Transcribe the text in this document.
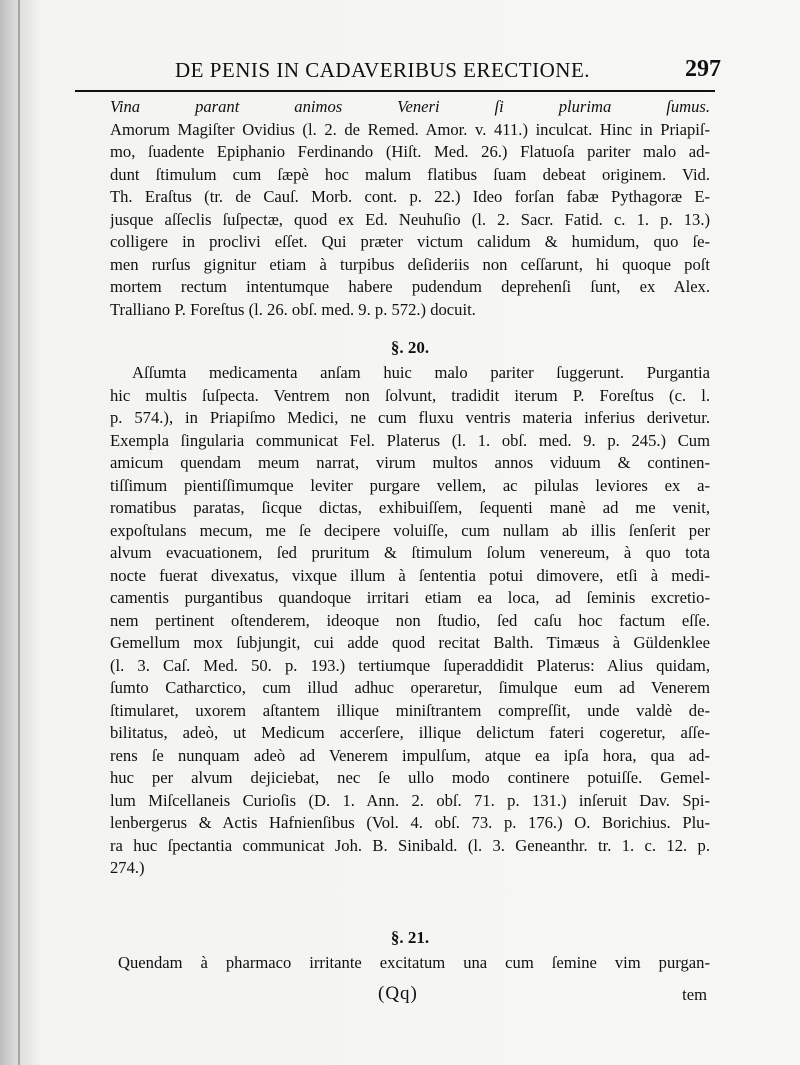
DE PENIS IN CADAVERIBUS ERECTIONE.	297
Vina parant animos Veneri ſi plurima ſumus.
Amorum Magiſter Ovidius (l. 2. de Remed. Amor. v. 411.) inculcat. Hinc in Priapiſ-
mo, ſuadente Epiphanio Ferdinando (Hiſt. Med. 26.) Flatuoſa pariter malo ad-
dunt ſtimulum cum ſæpè hoc malum flatibus ſuam debeat originem. Vid.
Th. Eraſtus (tr. de Cauſ. Morb. cont. p. 22.) Ideo forſan fabæ Pythagoræ E-
jusque aſſeclis ſuſpectæ, quod ex Ed. Neuhuſio (l. 2. Sacr. Fatid. c. 1. p. 13.)
colligere in proclivi eſſet. Qui præter victum calidum & humidum, quo ſe-
men rurſus gignitur etiam à turpibus deſideriis non ceſſarunt, hi quoque poſt
mortem rectum intentumque habere pudendum deprehenſi ſunt, ex Alex.
Tralliano P. Foreſtus (l. 26. obſ. med. 9. p. 572.) docuit.
§. 20.
Aſſumta medicamenta anſam huic malo pariter ſuggerunt. Purgantia
hic multis ſuſpecta. Ventrem non ſolvunt, tradidit iterum P. Foreſtus (c. l.
p. 574.), in Priapiſmo Medici, ne cum fluxu ventris materia inferius derivetur.
Exempla ſingularia communicat Fel. Platerus (l. 1. obſ. med. 9. p. 245.) Cum
amicum quendam meum narrat, virum multos annos viduum & continen-
tiſſimum pientiſſimumque leviter purgare vellem, ac pilulas leviores ex a-
romatibus paratas, ſicque dictas, exhibuiſſem, ſequenti manè ad me venit,
expoſtulans mecum, me ſe decipere voluiſſe, cum nullam ab illis ſenſerit per
alvum evacuationem, ſed pruritum & ſtimulum ſolum venereum, à quo tota
nocte fuerat divexatus, vixque illum à ſententia potui dimovere, etſi à medi-
camentis purgantibus quandoque irritari etiam ea loca, ad ſeminis excretio-
nem pertinent oſtenderem, ideoque non ſtudio, ſed caſu hoc factum eſſe.
Gemellum mox ſubjungit, cui adde quod recitat Balth. Timæus à Güldenklee
(l. 3. Caſ. Med. 50. p. 193.) tertiumque ſuperaddidit Platerus: Alius quidam,
ſumto Catharctico, cum illud adhuc operaretur, ſimulque eum ad Venerem
ſtimularet, uxorem aſtantem illique miniſtrantem compreſſit, unde valdè de-
bilitatus, adeò, ut Medicum accerſere, illique delictum fateri cogeretur, aſſe-
rens ſe nunquam adeò ad Venerem impulſum, atque ea ipſa hora, qua ad-
huc per alvum dejiciebat, nec ſe ullo modo continere potuiſſe. Gemel-
lum Miſcellaneis Curioſis (D. 1. Ann. 2. obſ. 71. p. 131.) inſeruit Dav. Spi-
lenbergerus & Actis Hafnienſibus (Vol. 4. obſ. 73. p. 176.) O. Borichius. Plu-
ra huc ſpectantia communicat Joh. B. Sinibald. (l. 3. Geneanthr. tr. 1. c. 12. p.
274.)
§. 21.
Quendam à pharmaco irritante excitatum una cum ſemine vim purgan-
(Qq)	tem
